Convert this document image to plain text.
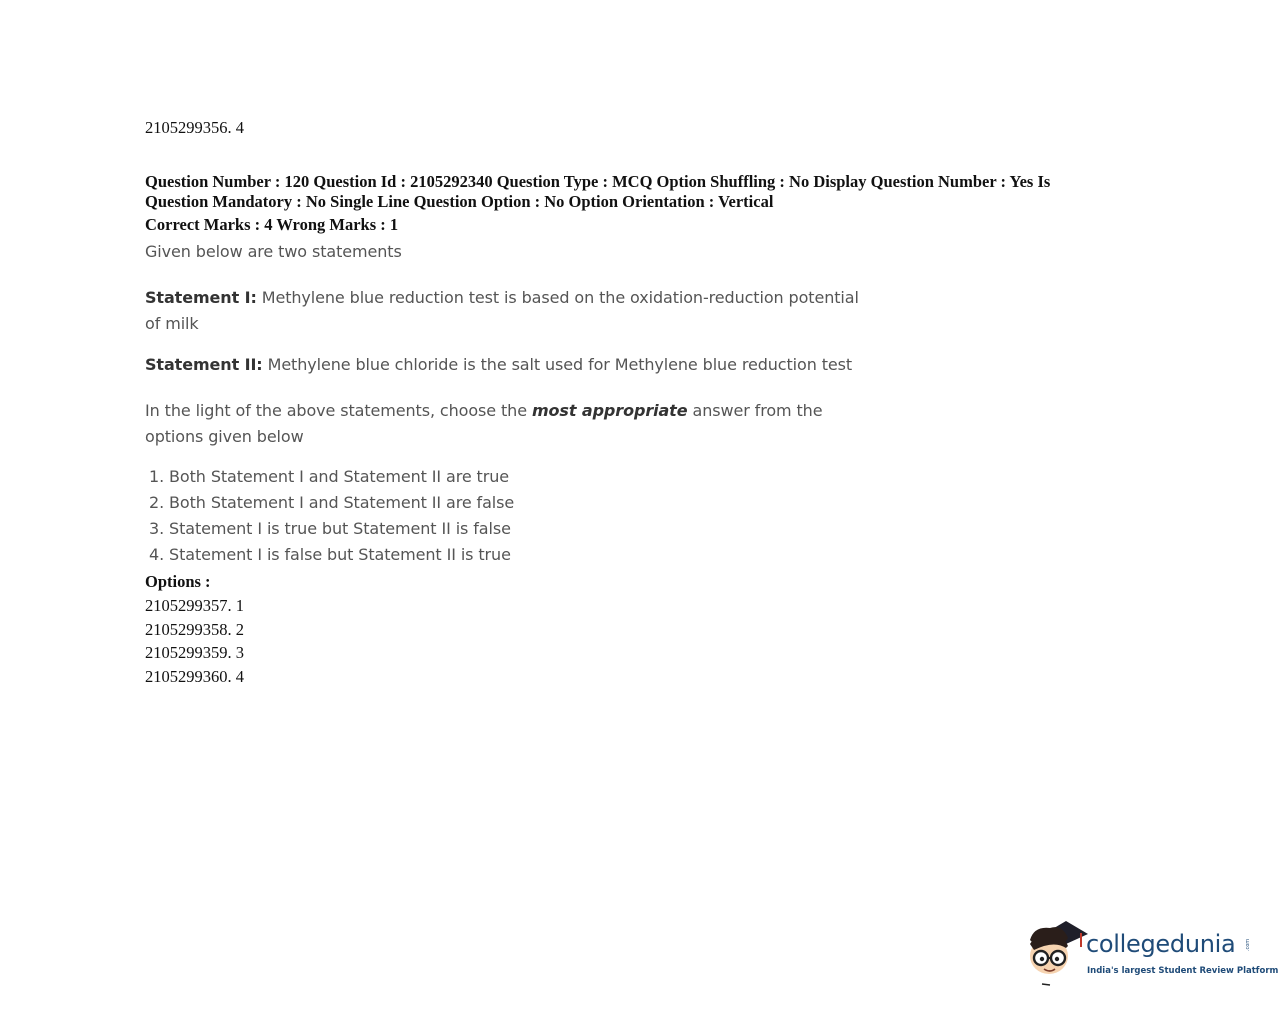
2105299356. 4
Question Number : 120 Question Id : 2105292340 Question Type : MCQ Option Shuffling : No Display Question Number : Yes Is Question Mandatory : No Single Line Question Option : No Option Orientation : Vertical
Correct Marks : 4 Wrong Marks : 1
Given below are two statements
Statement I: Methylene blue reduction test is based on the oxidation-reduction potential of milk
Statement II: Methylene blue chloride is the salt used for Methylene blue reduction test
In the light of the above statements, choose the most appropriate answer from the options given below
1. Both Statement I and Statement II are true
2. Both Statement I and Statement II are false
3. Statement I is true but Statement II is false
4. Statement I is false but Statement II is true
Options :
2105299357. 1
2105299358. 2
2105299359. 3
2105299360. 4
collegedunia .com
India's largest Student Review Platform
